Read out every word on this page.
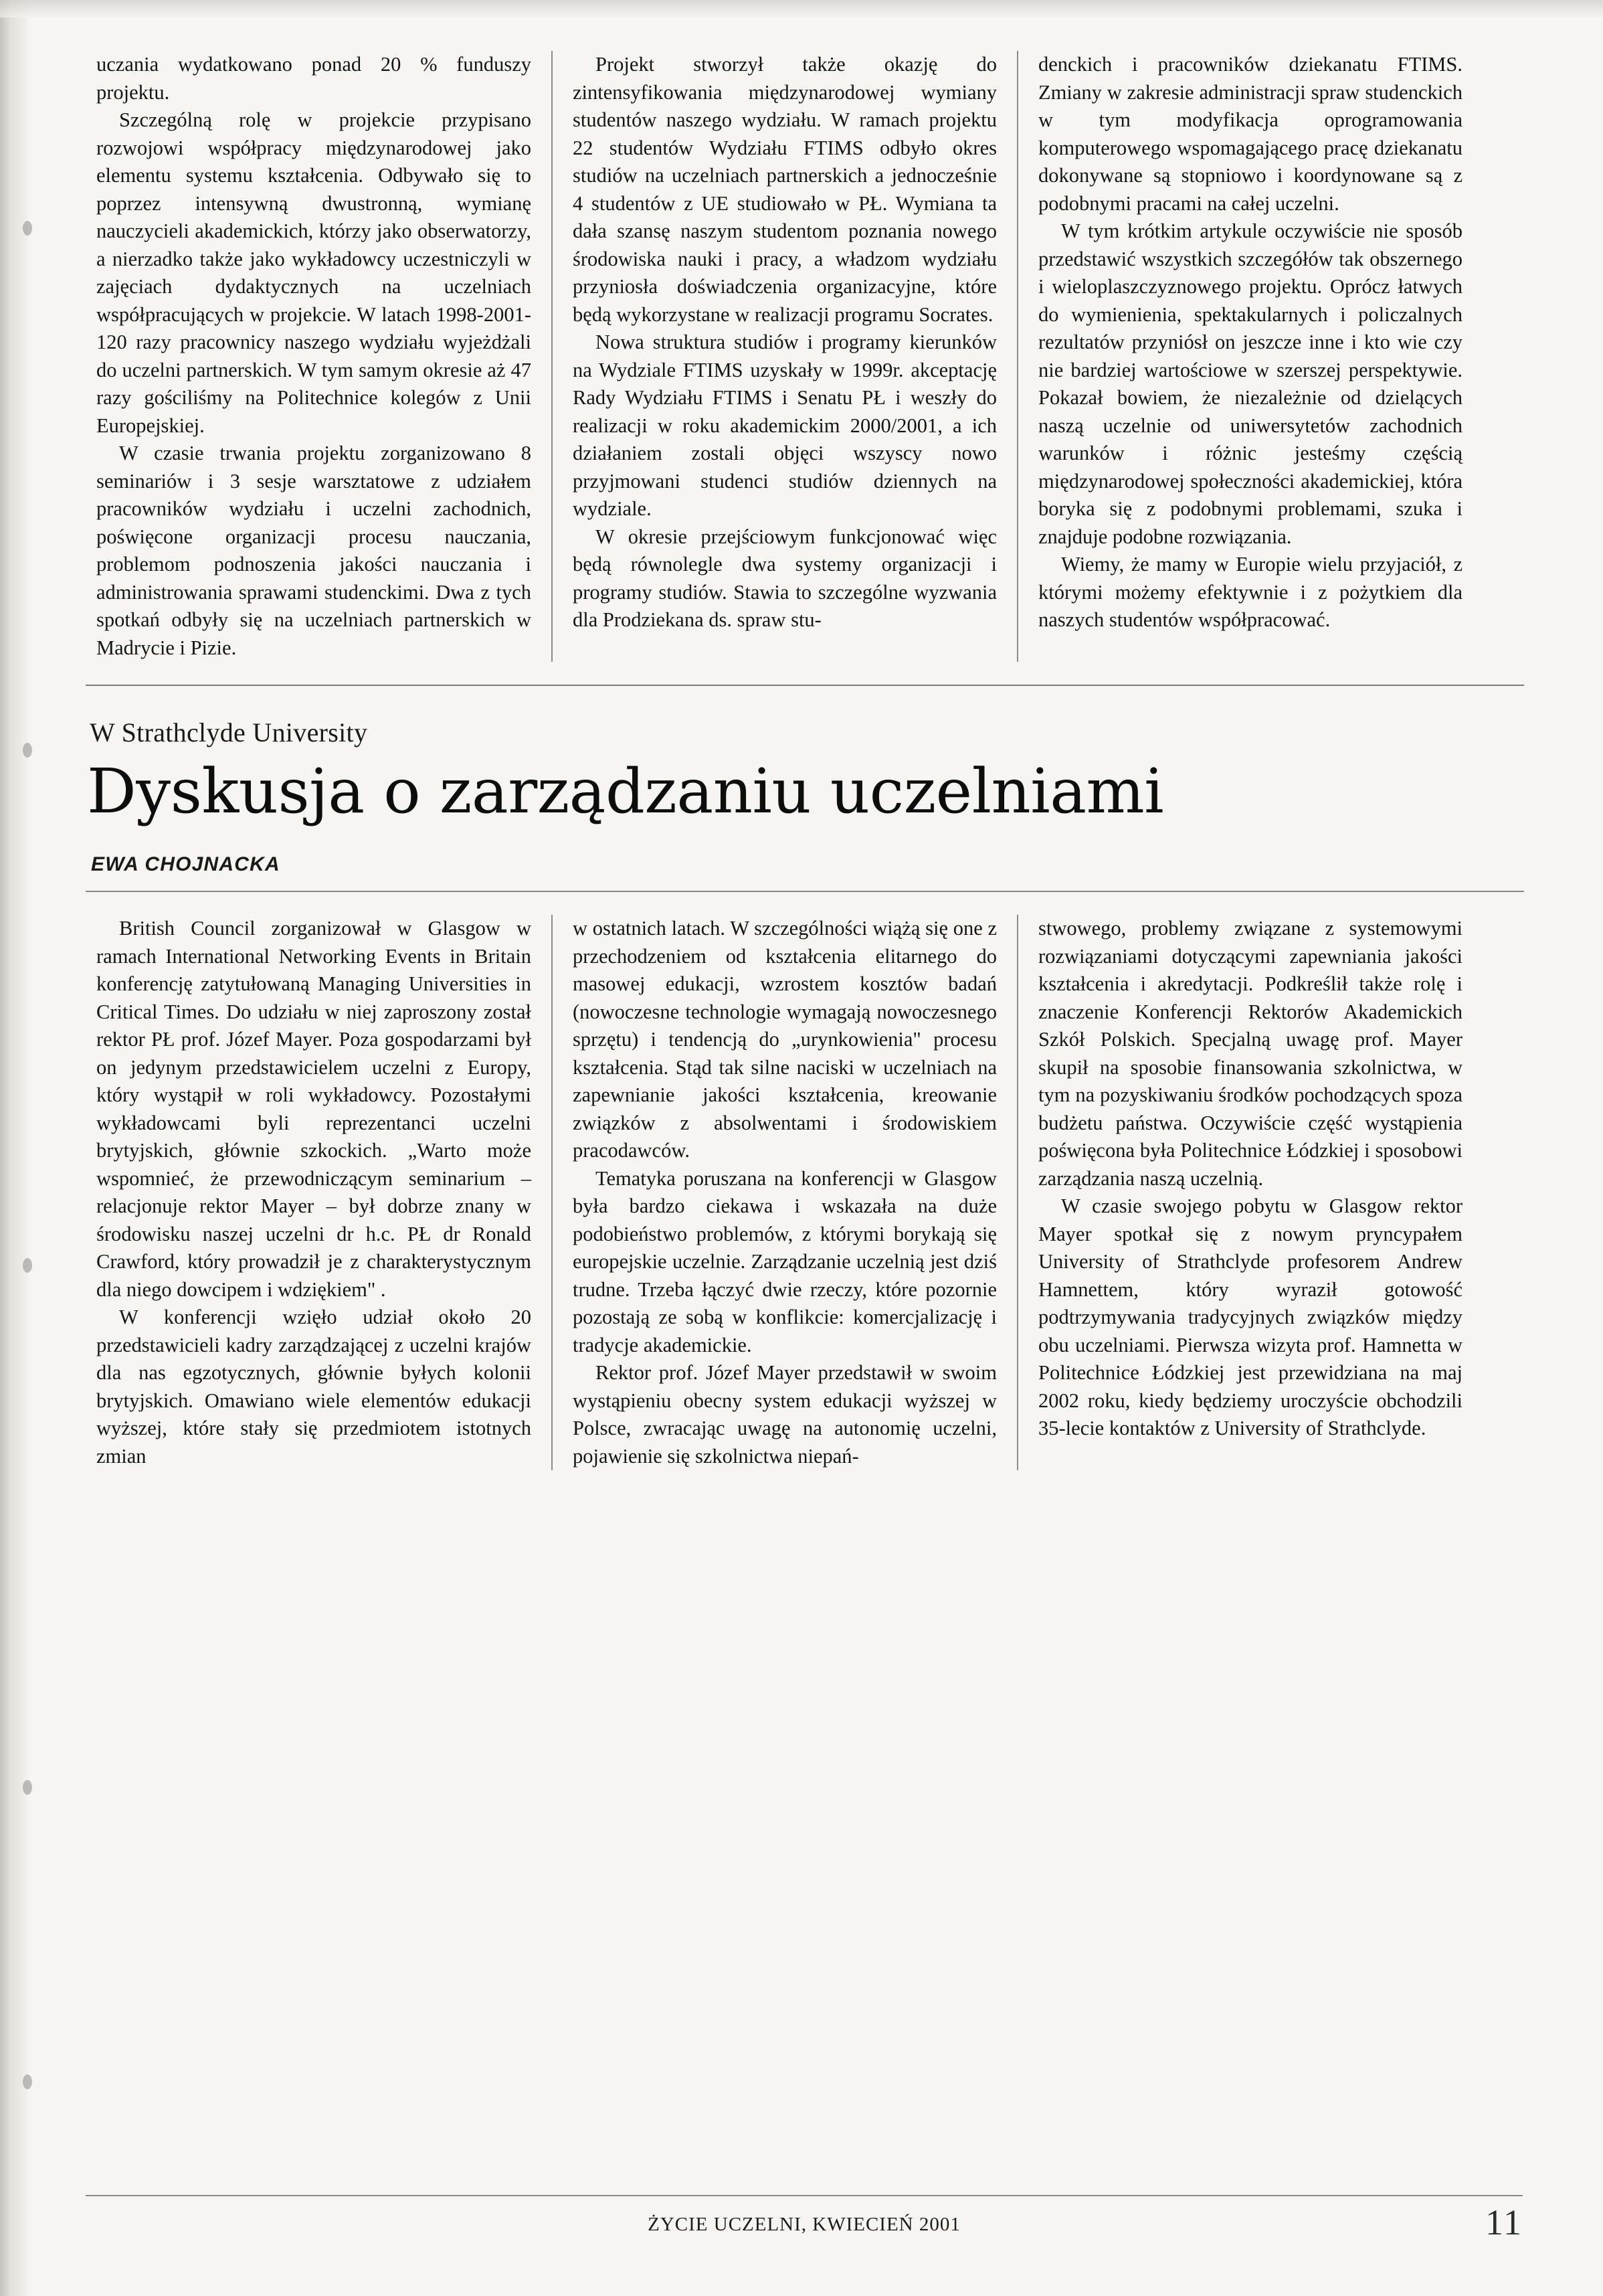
uczania wydatkowano ponad 20 % funduszy projektu.

Szczególną rolę w projekcie przypisano rozwojowi współpracy międzynarodowej jako elementu systemu kształcenia. Odbywało się to poprzez intensywną dwustronną, wymianę nauczycieli akademickich, którzy jako obserwatorzy, a nierzadko także jako wykładowcy uczestniczyli w zajęciach dydaktycznych na uczelniach współpracujących w projekcie. W latach 1998-2001- 120 razy pracownicy naszego wydziału wyjeżdżali do uczelni partnerskich. W tym samym okresie aż 47 razy gościliśmy na Politechnice kolegów z Unii Europejskiej.

W czasie trwania projektu zorganizowano 8 seminariów i 3 sesje warsztatowe z udziałem pracowników wydziału i uczelni zachodnich, poświęcone organizacji procesu nauczania, problemom podnoszenia jakości nauczania i administrowania sprawami studenckimi. Dwa z tych spotkań odbyły się na uczelniach partnerskich w Madrycie i Pizie.

Projekt stworzył także okazję do zintensyfikowania międzynarodowej wymiany studentów naszego wydziału. W ramach projektu 22 studentów Wydziału FTIMS odbyło okres studiów na uczelniach partnerskich a jednocześnie 4 studentów z UE studiowało w PŁ. Wymiana ta dała szansę naszym studentom poznania nowego środowiska nauki i pracy, a władzom wydziału przyniosła doświadczenia organizacyjne, które będą wykorzystane w realizacji programu Socrates.

Nowa struktura studiów i programy kierunków na Wydziale FTIMS uzyskały w 1999r. akceptację Rady Wydziału FTIMS i Senatu PŁ i weszły do realizacji w roku akademickim 2000/2001, a ich działaniem zostali objęci wszyscy nowo przyjmowani studenci studiów dziennych na wydziale.

W okresie przejściowym funkcjonować więc będą równolegle dwa systemy organizacji i programy studiów. Stawia to szczególne wyzwania dla Prodziekana ds. spraw stu-

denckich i pracowników dziekanatu FTIMS. Zmiany w zakresie administracji spraw studenckich w tym modyfikacja oprogramowania komputerowego wspomagającego pracę dziekanatu dokonywane są stopniowo i koordynowane są z podobnymi pracami na całej uczelni.

W tym krótkim artykule oczywiście nie sposób przedstawić wszystkich szczegółów tak obszernego i wieloplaszczyznowego projektu. Oprócz łatwych do wymienienia, spektakularnych i policzalnych rezultatów przyniósł on jeszcze inne i kto wie czy nie bardziej wartościowe w szerszej perspektywie. Pokazał bowiem, że niezależnie od dzielących naszą uczelnie od uniwersytetów zachodnich warunków i różnic jesteśmy częścią międzynarodowej społeczności akademickiej, która boryka się z podobnymi problemami, szuka i znajduje podobne rozwiązania.

Wiemy, że mamy w Europie wielu przyjaciół, z którymi możemy efektywnie i z pożytkiem dla naszych studentów współpracować.

W Strathclyde University
Dyskusja o zarządzaniu uczelniami
EWA CHOJNACKA

British Council zorganizował w Glasgow w ramach International Networking Events in Britain konferencję zatytułowaną Managing Universities in Critical Times. Do udziału w niej zaproszony został rektor PŁ prof. Józef Mayer. Poza gospodarzami był on jedynym przedstawicielem uczelni z Europy, który wystąpił w roli wykładowcy. Pozostałymi wykładowcami byli reprezentanci uczelni brytyjskich, głównie szkockich. „Warto może wspomnieć, że przewodniczącym seminarium – relacjonuje rektor Mayer – był dobrze znany w środowisku naszej uczelni dr h.c. PŁ dr Ronald Crawford, który prowadził je z charakterystycznym dla niego dowcipem i wdziękiem" .

W konferencji wzięło udział około 20 przedstawicieli kadry zarządzającej z uczelni krajów dla nas egzotycznych, głównie byłych kolonii brytyjskich. Omawiano wiele elementów edukacji wyższej, które stały się przedmiotem istotnych zmian

w ostatnich latach. W szczególności wiążą się one z przechodzeniem od kształcenia elitarnego do masowej edukacji, wzrostem kosztów badań (nowoczesne technologie wymagają nowoczesnego sprzętu) i tendencją do „urynkowienia" procesu kształcenia. Stąd tak silne naciski w uczelniach na zapewnianie jakości kształcenia, kreowanie związków z absolwentami i środowiskiem pracodawców.

Tematyka poruszana na konferencji w Glasgow była bardzo ciekawa i wskazała na duże podobieństwo problemów, z którymi borykają się europejskie uczelnie. Zarządzanie uczelnią jest dziś trudne. Trzeba łączyć dwie rzeczy, które pozornie pozostają ze sobą w konflikcie: komercjalizację i tradycje akademickie.

Rektor prof. Józef Mayer przedstawił w swoim wystąpieniu obecny system edukacji wyższej w Polsce, zwracając uwagę na autonomię uczelni, pojawienie się szkolnictwa niepań-

stwowego, problemy związane z systemowymi rozwiązaniami dotyczącymi zapewniania jakości kształcenia i akredytacji. Podkreślił także rolę i znaczenie Konferencji Rektorów Akademickich Szkół Polskich. Specjalną uwagę prof. Mayer skupił na sposobie finansowania szkolnictwa, w tym na pozyskiwaniu środków pochodzących spoza budżetu państwa. Oczywiście część wystąpienia poświęcona była Politechnice Łódzkiej i sposobowi zarządzania naszą uczelnią.

W czasie swojego pobytu w Glasgow rektor Mayer spotkał się z nowym pryncypałem University of Strathclyde profesorem Andrew Hamnettem, który wyraził gotowość podtrzymywania tradycyjnych związków między obu uczelniami. Pierwsza wizyta prof. Hamnetta w Politechnice Łódzkiej jest przewidziana na maj 2002 roku, kiedy będziemy uroczyście obchodzili 35-lecie kontaktów z University of Strathclyde.

ŻYCIE UCZELNI, KWIECIEŃ 2001	11
